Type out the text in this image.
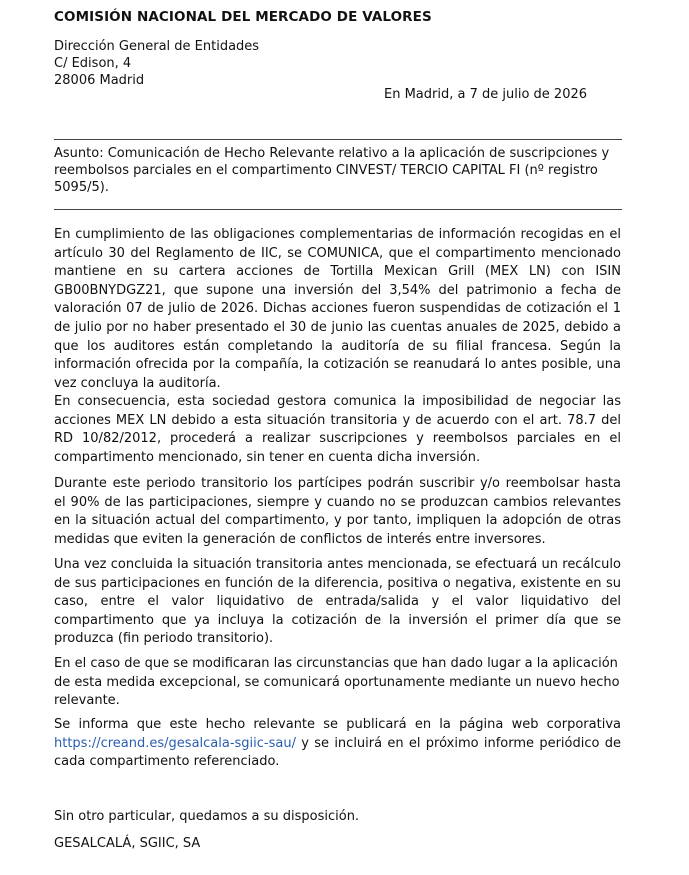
COMISIÓN NACIONAL DEL MERCADO DE VALORES
Dirección General de Entidades
C/ Edison, 4
28006 Madrid
En Madrid, a 7 de julio de 2026
Asunto: Comunicación de Hecho Relevante relativo a la aplicación de suscripciones y reembolsos parciales en el compartimento CINVEST/ TERCIO CAPITAL FI (nº registro 5095/5).
En cumplimiento de las obligaciones complementarias de información recogidas en el artículo 30 del Reglamento de IIC, se COMUNICA, que el compartimento mencionado mantiene en su cartera acciones de Tortilla Mexican Grill (MEX LN) con ISIN GB00BNYDGZ21, que supone una inversión del 3,54% del patrimonio a fecha de valoración 07 de julio de 2026. Dichas acciones fueron suspendidas de cotización el 1 de julio por no haber presentado el 30 de junio las cuentas anuales de 2025, debido a que los auditores están completando la auditoría de su filial francesa. Según la información ofrecida por la compañía, la cotización se reanudará lo antes posible, una vez concluya la auditoría.
En consecuencia, esta sociedad gestora comunica la imposibilidad de negociar las acciones MEX LN debido a esta situación transitoria y de acuerdo con el art. 78.7 del RD 10/82/2012, procederá a realizar suscripciones y reembolsos parciales en el compartimento mencionado, sin tener en cuenta dicha inversión.
Durante este periodo transitorio los partícipes podrán suscribir y/o reembolsar hasta el 90% de las participaciones, siempre y cuando no se produzcan cambios relevantes en la situación actual del compartimento, y por tanto, impliquen la adopción de otras medidas que eviten la generación de conflictos de interés entre inversores.
Una vez concluida la situación transitoria antes mencionada, se efectuará un recálculo de sus participaciones en función de la diferencia, positiva o negativa, existente en su caso, entre el valor liquidativo de entrada/salida y el valor liquidativo del compartimento que ya incluya la cotización de la inversión el primer día que se produzca (fin periodo transitorio).
En el caso de que se modificaran las circunstancias que han dado lugar a la aplicación de esta medida excepcional, se comunicará oportunamente mediante un nuevo hecho relevante.
Se informa que este hecho relevante se publicará en la página web corporativa https://creand.es/gesalcala-sgiic-sau/ y se incluirá en el próximo informe periódico de cada compartimento referenciado.
Sin otro particular, quedamos a su disposición.
GESALCALÁ, SGIIC, SA
